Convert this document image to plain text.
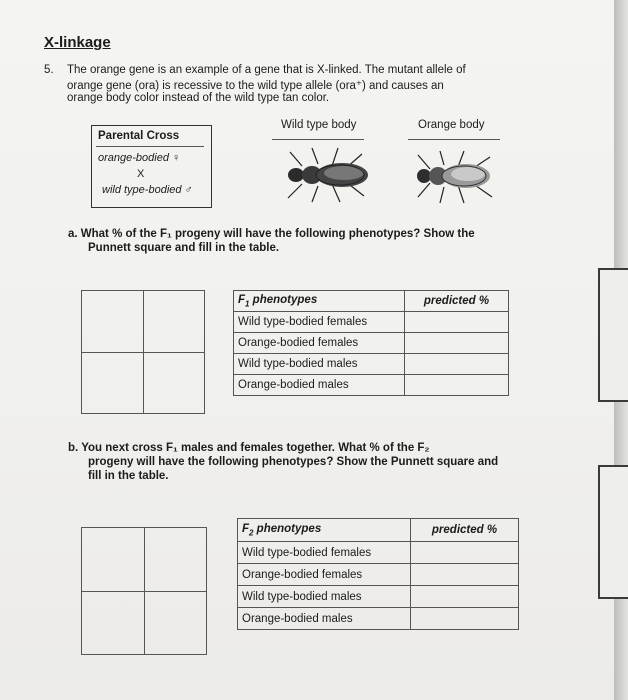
X-linkage
5. The orange gene is an example of a gene that is X-linked. The mutant allele of
orange gene (ora) is recessive to the wild type allele (ora⁺) and causes an
orange body color instead of the wild type tan color.
Parental Cross
orange-bodied ♀
X
wild type-bodied ♂
Wild type body	Orange body
a. What % of the F₁ progeny will have the following phenotypes? Show the
Punnett square and fill in the table.
$F_1$ phenotypes	predicted %
Wild type-bodied females	
Orange-bodied females	
Wild type-bodied males	
Orange-bodied males	
b. You next cross F₁ males and females together. What % of the F₂
progeny will have the following phenotypes? Show the Punnett square and
fill in the table.
$F_2$ phenotypes	predicted %
Wild type-bodied females	
Orange-bodied females	
Wild type-bodied males	
Orange-bodied males	
